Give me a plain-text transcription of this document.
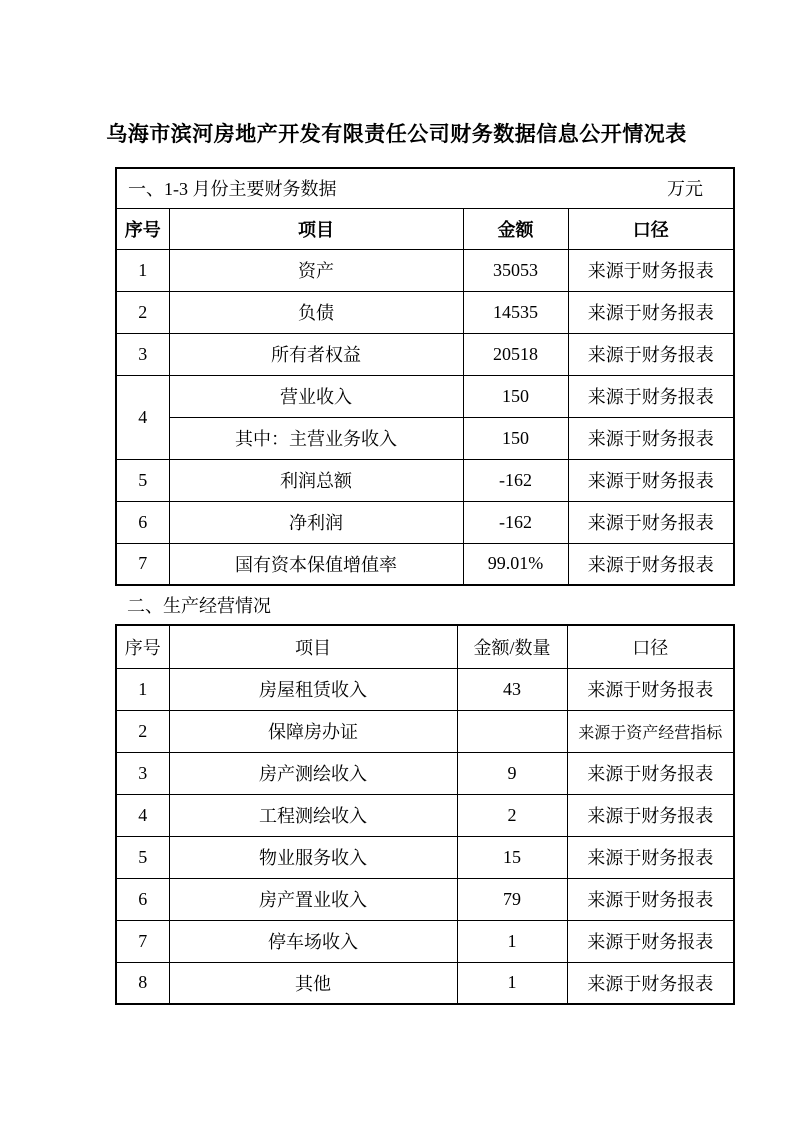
乌海市滨河房地产开发有限责任公司财务数据信息公开情况表
一、1-3 月份主要财务数据 万元			

序号	项目	金额	口径
1	资产	35053	来源于财务报表
2	负债	14535	来源于财务报表
3	所有者权益	20518	来源于财务报表
4	营业收入	150	来源于财务报表
	其中：主营业务收入	150	来源于财务报表
5	利润总额	-162	来源于财务报表
6	净利润	-162	来源于财务报表
7	国有资本保值增值率	99.01%	来源于财务报表
二、生产经营情况
序号	项目	金额/数量	口径
1	房屋租赁收入	43	来源于财务报表
2	保障房办证		来源于资产经营指标
3	房产测绘收入	9	来源于财务报表
4	工程测绘收入	2	来源于财务报表
5	物业服务收入	15	来源于财务报表
6	房产置业收入	79	来源于财务报表
7	停车场收入	1	来源于财务报表
8	其他	1	来源于财务报表
